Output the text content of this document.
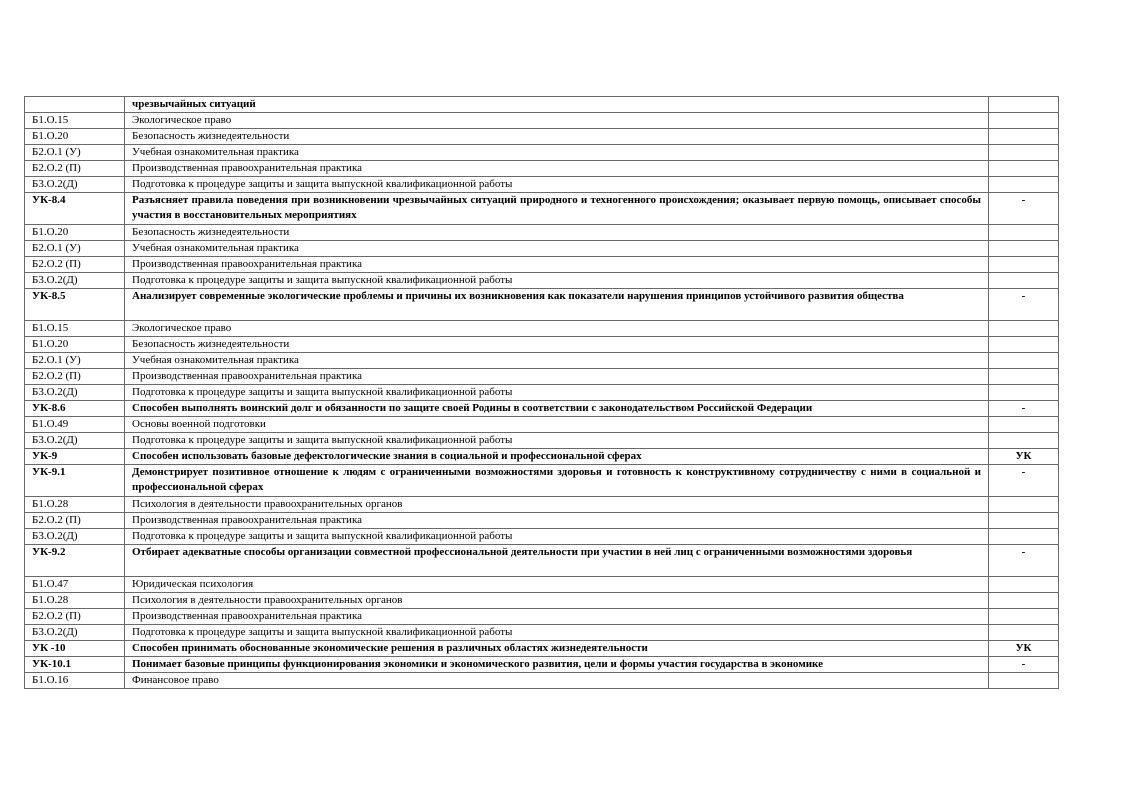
	чрезвычайных ситуаций	
Б1.О.15	Экологическое право	
Б1.О.20	Безопасность жизнедеятельности	
Б2.О.1 (У)	Учебная ознакомительная практика	
Б2.О.2 (П)	Производственная правоохранительная практика	
Б3.О.2(Д)	Подготовка к процедуре защиты и защита выпускной квалификационной работы	
УК-8.4	Разъясняет правила поведения при возникновении чрезвычайных ситуаций природного и техногенного происхождения; оказывает первую помощь, описывает способы участия в восстановительных мероприятиях	-
Б1.О.20	Безопасность жизнедеятельности	
Б2.О.1 (У)	Учебная ознакомительная практика	
Б2.О.2 (П)	Производственная правоохранительная практика	
Б3.О.2(Д)	Подготовка к процедуре защиты и защита выпускной квалификационной работы	
УК-8.5	Анализирует современные экологические проблемы и причины их возникновения как показатели нарушения принципов устойчивого развития общества	-
Б1.О.15	Экологическое право	
Б1.О.20	Безопасность жизнедеятельности	
Б2.О.1 (У)	Учебная ознакомительная практика	
Б2.О.2 (П)	Производственная правоохранительная практика	
Б3.О.2(Д)	Подготовка к процедуре защиты и защита выпускной квалификационной работы	
УК-8.6	Способен выполнять воинский долг и обязанности по защите своей Родины в соответствии с законодательством Российской Федерации	-
Б1.О.49	Основы военной подготовки	
Б3.О.2(Д)	Подготовка к процедуре защиты и защита выпускной квалификационной работы	
УК-9	Способен использовать базовые дефектологические знания в социальной и профессиональной сферах	УК
УК-9.1	Демонстрирует позитивное отношение к людям с ограниченными возможностями здоровья и готовность к конструктивному сотрудничеству с ними в социальной и профессиональной сферах	-
Б1.О.28	Психология в деятельности правоохранительных органов	
Б2.О.2 (П)	Производственная правоохранительная практика	
Б3.О.2(Д)	Подготовка к процедуре защиты и защита выпускной квалификационной работы	
УК-9.2	Отбирает адекватные способы организации совместной профессиональной деятельности при участии в ней лиц с ограниченными возможностями здоровья	-
Б1.О.47	Юридическая психология	
Б1.О.28	Психология в деятельности правоохранительных органов	
Б2.О.2 (П)	Производственная правоохранительная практика	
Б3.О.2(Д)	Подготовка к процедуре защиты и защита выпускной квалификационной работы	
УК -10	Способен принимать обоснованные экономические решения в различных областях жизнедеятельности	УК
УК-10.1	Понимает базовые принципы функционирования экономики и экономического развития, цели и формы участия государства в экономике	-
Б1.О.16	Финансовое право	
